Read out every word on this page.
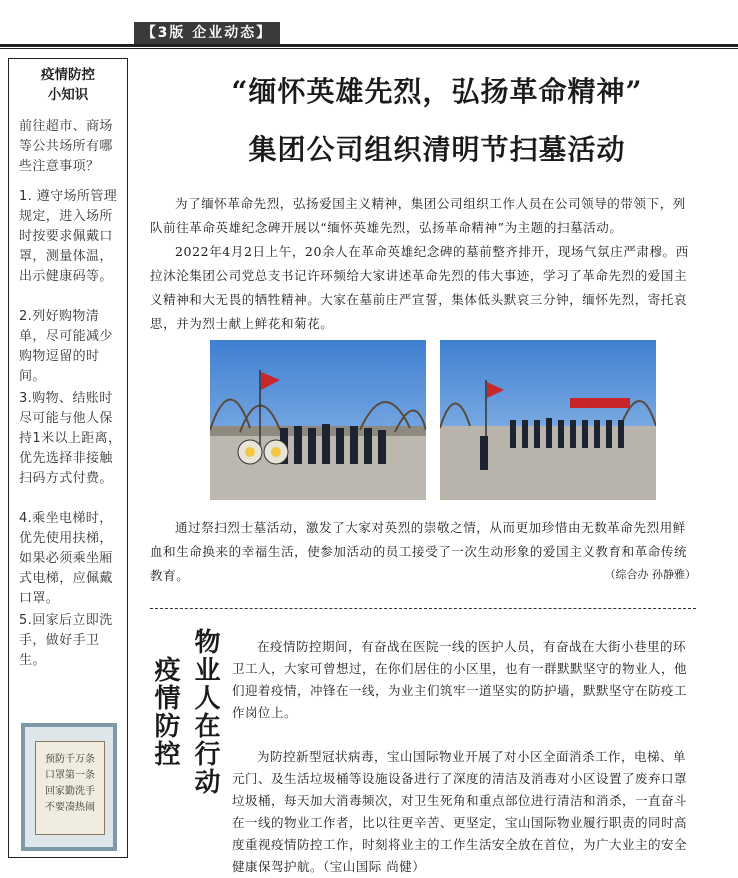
【3版 企业动态】
疫情防控
小知识
前往超市、商场等公共场所有哪些注意事项？
1. 遵守场所管理规定，进入场所时按要求佩戴口罩，测量体温，出示健康码等。
2.列好购物清单，尽可能减少购物逗留的时间。
3.购物、结账时尽可能与他人保持1米以上距离，优先选择非接触扫码方式付费。
4.乘坐电梯时，优先使用扶梯，如果必须乘坐厢式电梯，应佩戴口罩。
5.回家后立即洗手，做好手卫生。
预防千万条
口罩第一条
回家勤洗手
不要凑热闹
“缅怀英雄先烈，弘扬革命精神”
集团公司组织清明节扫墓活动
为了缅怀革命先烈，弘扬爱国主义精神，集团公司组织工作人员在公司领导的带领下，列队前往革命英雄纪念碑开展以“缅怀英雄先烈，弘扬革命精神”为主题的扫墓活动。
2022年4月2日上午，20余人在革命英雄纪念碑的墓前整齐排开，现场气氛庄严肃穆。西拉沐沦集团公司党总支书记许环频给大家讲述革命先烈的伟大事迹，学习了革命先烈的爱国主义精神和大无畏的牺牲精神。大家在墓前庄严宣誓，集体低头默哀三分钟，缅怀先烈，寄托哀思，并为烈士献上鲜花和菊花。
通过祭扫烈士墓活动，激发了大家对英烈的崇敬之情，从而更加珍惜由无数革命先烈用鲜血和生命换来的幸福生活，使参加活动的员工接受了一次生动形象的爱国主义教育和革命传统教育。	（综合办 孙静雅）
物业人在行动
疫情防控
在疫情防控期间，有奋战在医院一线的医护人员，有奋战在大街小巷里的环卫工人，大家可曾想过，在你们居住的小区里，也有一群默默坚守的物业人，他们迎着疫情，冲锋在一线，为业主们筑牢一道坚实的防护墙，默默坚守在防疫工作岗位上。
为防控新型冠状病毒，宝山国际物业开展了对小区全面消杀工作，电梯、单元门、及生活垃圾桶等设施设备进行了深度的清洁及消毒对小区设置了废弃口罩垃圾桶，每天加大消毒频次，对卫生死角和重点部位进行清洁和消杀，一直奋斗在一线的物业工作者，比以往更辛苦、更坚定，宝山国际物业履行职责的同时高度重视疫情防控工作，时刻将业主的工作生活安全放在首位，为广大业主的安全健康保驾护航。（宝山国际 尚健）
